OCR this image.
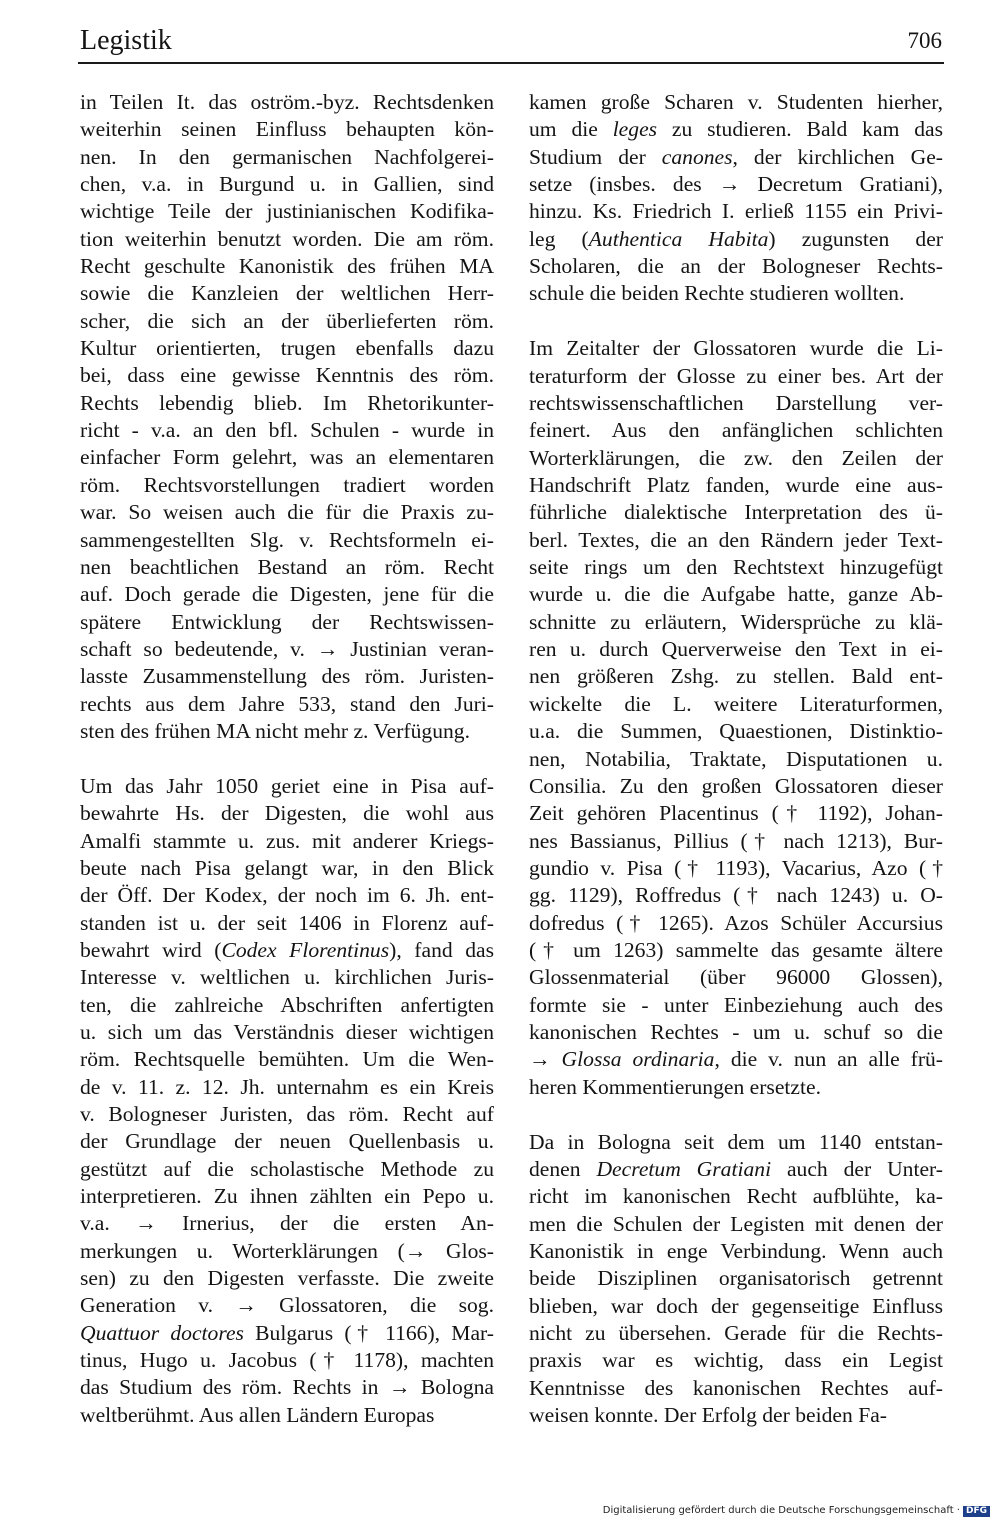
Legistik	706
in Teilen It. das oström.-byz. Rechtsdenken
weiterhin seinen Einfluss behaupten kön-
nen. In den germanischen Nachfolgerei-
chen, v.a. in Burgund u. in Gallien, sind
wichtige Teile der justinianischen Kodifika-
tion weiterhin benutzt worden. Die am röm.
Recht geschulte Kanonistik des frühen MA
sowie die Kanzleien der weltlichen Herr-
scher, die sich an der überlieferten röm.
Kultur orientierten, trugen ebenfalls dazu
bei, dass eine gewisse Kenntnis des röm.
Rechts lebendig blieb. Im Rhetorikunter-
richt - v.a. an den bfl. Schulen - wurde in
einfacher Form gelehrt, was an elementaren
röm. Rechtsvorstellungen tradiert worden
war. So weisen auch die für die Praxis zu-
sammengestellten Slg. v. Rechtsformeln ei-
nen beachtlichen Bestand an röm. Recht
auf. Doch gerade die Digesten, jene für die
spätere Entwicklung der Rechtswissen-
schaft so bedeutende, v. → Justinian veran-
lasste Zusammenstellung des röm. Juristen-
rechts aus dem Jahre 533, stand den Juri-
sten des frühen MA nicht mehr z. Verfügung.
Um das Jahr 1050 geriet eine in Pisa auf-
bewahrte Hs. der Digesten, die wohl aus
Amalfi stammte u. zus. mit anderer Kriegs-
beute nach Pisa gelangt war, in den Blick
der Öff. Der Kodex, der noch im 6. Jh. ent-
standen ist u. der seit 1406 in Florenz auf-
bewahrt wird (Codex Florentinus), fand das
Interesse v. weltlichen u. kirchlichen Juris-
ten, die zahlreiche Abschriften anfertigten
u. sich um das Verständnis dieser wichtigen
röm. Rechtsquelle bemühten. Um die Wen-
de v. 11. z. 12. Jh. unternahm es ein Kreis
v. Bologneser Juristen, das röm. Recht auf
der Grundlage der neuen Quellenbasis u.
gestützt auf die scholastische Methode zu
interpretieren. Zu ihnen zählten ein Pepo u.
v.a. → Irnerius, der die ersten An-
merkungen u. Worterklärungen (→ Glos-
sen) zu den Digesten verfasste. Die zweite
Generation v. → Glossatoren, die sog.
Quattuor doctores Bulgarus († 1166), Mar-
tinus, Hugo u. Jacobus († 1178), machten
das Studium des röm. Rechts in → Bologna
weltberühmt. Aus allen Ländern Europas
kamen große Scharen v. Studenten hierher,
um die leges zu studieren. Bald kam das
Studium der canones, der kirchlichen Ge-
setze (insbes. des → Decretum Gratiani),
hinzu. Ks. Friedrich I. erließ 1155 ein Privi-
leg (Authentica Habita) zugunsten der
Scholaren, die an der Bologneser Rechts-
schule die beiden Rechte studieren wollten.
Im Zeitalter der Glossatoren wurde die Li-
teraturform der Glosse zu einer bes. Art der
rechtswissenschaftlichen Darstellung ver-
feinert. Aus den anfänglichen schlichten
Worterklärungen, die zw. den Zeilen der
Handschrift Platz fanden, wurde eine aus-
führliche dialektische Interpretation des ü-
berl. Textes, die an den Rändern jeder Text-
seite rings um den Rechtstext hinzugefügt
wurde u. die die Aufgabe hatte, ganze Ab-
schnitte zu erläutern, Widersprüche zu klä-
ren u. durch Querverweise den Text in ei-
nen größeren Zshg. zu stellen. Bald ent-
wickelte die L. weitere Literaturformen,
u.a. die Summen, Quaestionen, Distinktio-
nen, Notabilia, Traktate, Disputationen u.
Consilia. Zu den großen Glossatoren dieser
Zeit gehören Placentinus († 1192), Johan-
nes Bassianus, Pillius († nach 1213), Bur-
gundio v. Pisa († 1193), Vacarius, Azo (†
gg. 1129), Roffredus († nach 1243) u. O-
dofredus († 1265). Azos Schüler Accursius
(† um 1263) sammelte das gesamte ältere
Glossenmaterial (über 96000 Glossen),
formte sie - unter Einbeziehung auch des
kanonischen Rechtes - um u. schuf so die
→ Glossa ordinaria, die v. nun an alle frü-
heren Kommentierungen ersetzte.
Da in Bologna seit dem um 1140 entstan-
denen Decretum Gratiani auch der Unter-
richt im kanonischen Recht aufblühte, ka-
men die Schulen der Legisten mit denen der
Kanonistik in enge Verbindung. Wenn auch
beide Disziplinen organisatorisch getrennt
blieben, war doch der gegenseitige Einfluss
nicht zu übersehen. Gerade für die Rechts-
praxis war es wichtig, dass ein Legist
Kenntnisse des kanonischen Rechtes auf-
weisen konnte. Der Erfolg der beiden Fa-
Digitalisierung gefördert durch die Deutsche Forschungsgemeinschaft · DFG
